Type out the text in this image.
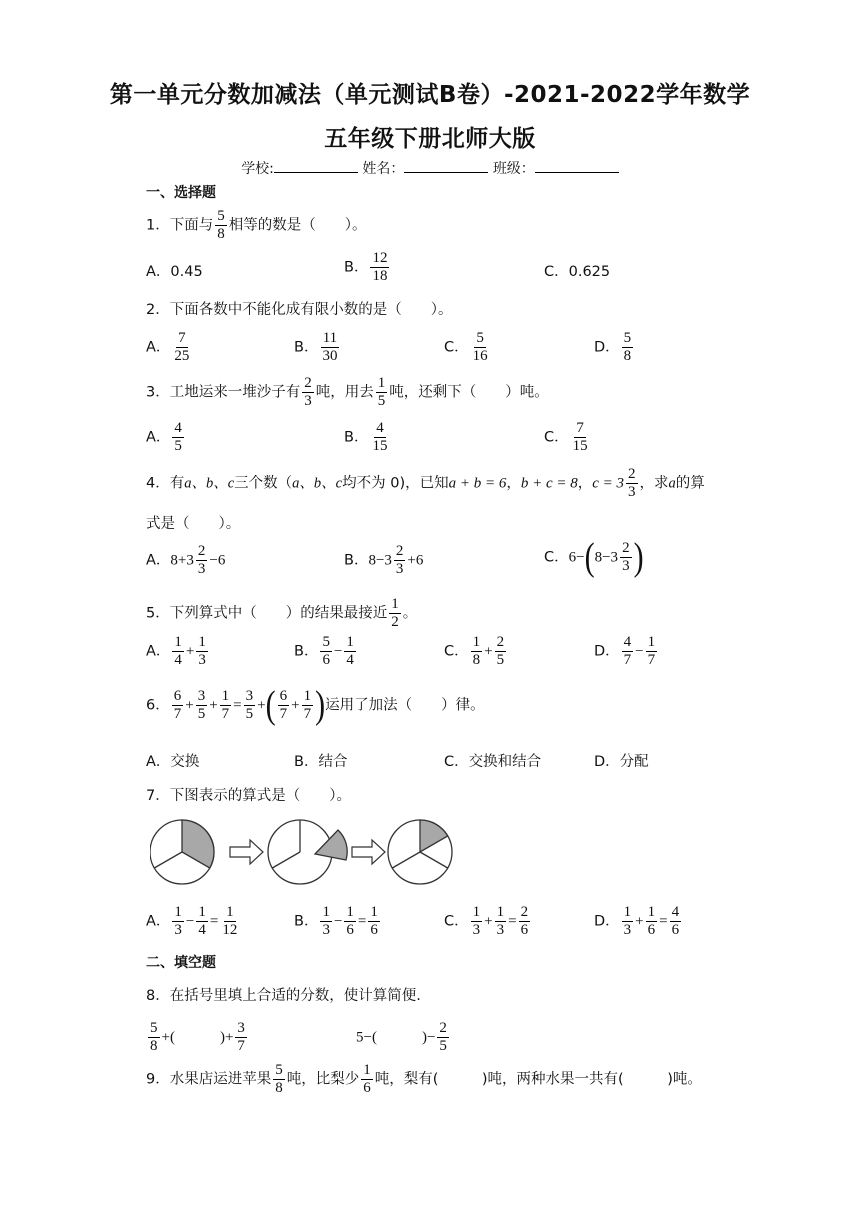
第一单元分数加减法（单元测试B卷）-2021-2022学年数学
五年级下册北师大版
学校:	姓名：	班级：
一、选择题
1．下面与 $\frac{5}{8}$ 相等的数是（　　）。
A．0.45	B． $\frac{12}{18}$	C．0.625
2．下面各数中不能化成有限小数的是（　　）。
A． $\frac{7}{25}$	B． $\frac{11}{30}$	C． $\frac{5}{16}$	D． $\frac{5}{8}$
3．工地运来一堆沙子有 $\frac{2}{3}$ 吨，用去 $\frac{1}{5}$ 吨，还剩下（　　）吨。
A． $\frac{4}{5}$	B． $\frac{4}{15}$	C． $\frac{7}{15}$
4．有a、b、c三个数（a、b、c均不为 0)，已知a + b = 6，b + c = 8，$c = 3 \frac{2}{3}$ ，求a的算
式是（　　）。
A．$8+3 \frac{2}{3} -6$	B．$8-3 \frac{2}{3} +6$	C．$6-(8-3 \frac{2}{3}$ )
5．下列算式中（　　）的结果最接近 $\frac{1}{2}$ 。
A． $\frac{1}{4} + \frac{1}{3}$	B． $\frac{5}{6} - \frac{1}{4}$	C． $\frac{1}{8} + \frac{2}{5}$	D． $\frac{4}{7} - \frac{1}{7}$
6． $\frac{6}{7} + \frac{3}{5} + \frac{1}{7} = \frac{3}{5}$ +( $\frac{6}{7} + \frac{1}{7}$ )运用了加法（　　）律。
A．交换	B．结合	C．交换和结合	D．分配
7．下图表示的算式是（　　）。
A． $\frac{1}{3} - \frac{1}{4} = \frac{1}{12}$	B． $\frac{1}{3} - \frac{1}{6} = \frac{1}{6}$	C． $\frac{1}{3} + \frac{1}{3} = \frac{2}{6}$	D． $\frac{1}{3} + \frac{1}{6} = \frac{4}{6}$
二、填空题
8．在括号里填上合适的分数，使计算简便.
$\frac{5}{8}$ +(　　　)+ $\frac{3}{7}$	5−(　　　)− $\frac{2}{5}$
9．水果店运进苹果 $\frac{5}{8}$ 吨，比梨少 $\frac{1}{6}$ 吨，梨有(　　　)吨，两种水果一共有(　　　)吨。
